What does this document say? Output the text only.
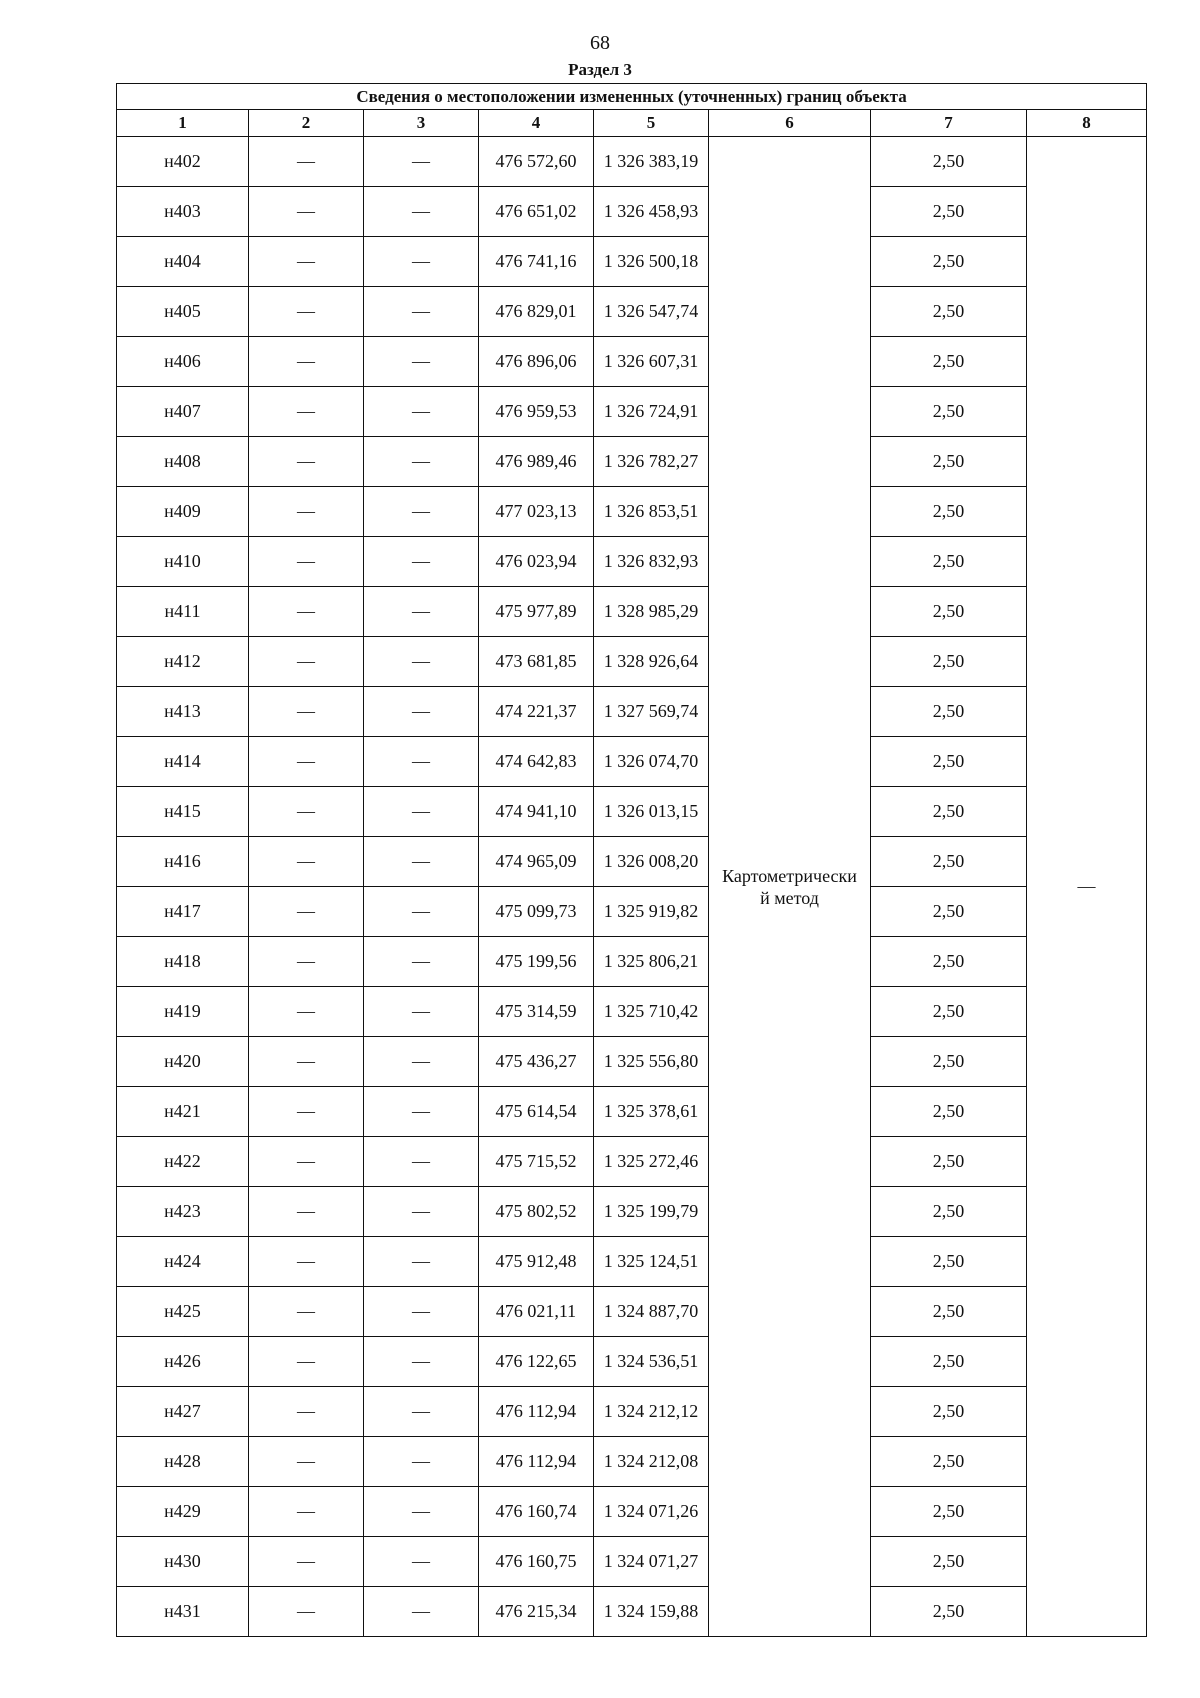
68
Раздел 3
Сведения о местоположении измененных (уточненных) границ объекта							
1	2	3	4	5	6	7	8
н402	—	—	476 572,60	1 326 383,19	Картометрически
й метод	2,50	—
н403	—	—	476 651,02	1 326 458,93		2,50	
н404	—	—	476 741,16	1 326 500,18		2,50	
н405	—	—	476 829,01	1 326 547,74		2,50	
н406	—	—	476 896,06	1 326 607,31		2,50	
н407	—	—	476 959,53	1 326 724,91		2,50	
н408	—	—	476 989,46	1 326 782,27		2,50	
н409	—	—	477 023,13	1 326 853,51		2,50	
н410	—	—	476 023,94	1 326 832,93		2,50	
н411	—	—	475 977,89	1 328 985,29		2,50	
н412	—	—	473 681,85	1 328 926,64		2,50	
н413	—	—	474 221,37	1 327 569,74		2,50	
н414	—	—	474 642,83	1 326 074,70		2,50	
н415	—	—	474 941,10	1 326 013,15		2,50	
н416	—	—	474 965,09	1 326 008,20		2,50	
н417	—	—	475 099,73	1 325 919,82		2,50	
н418	—	—	475 199,56	1 325 806,21		2,50	
н419	—	—	475 314,59	1 325 710,42		2,50	
н420	—	—	475 436,27	1 325 556,80		2,50	
н421	—	—	475 614,54	1 325 378,61		2,50	
н422	—	—	475 715,52	1 325 272,46		2,50	
н423	—	—	475 802,52	1 325 199,79		2,50	
н424	—	—	475 912,48	1 325 124,51		2,50	
н425	—	—	476 021,11	1 324 887,70		2,50	
н426	—	—	476 122,65	1 324 536,51		2,50	
н427	—	—	476 112,94	1 324 212,12		2,50	
н428	—	—	476 112,94	1 324 212,08		2,50	
н429	—	—	476 160,74	1 324 071,26		2,50	
н430	—	—	476 160,75	1 324 071,27		2,50	
н431	—	—	476 215,34	1 324 159,88		2,50	
